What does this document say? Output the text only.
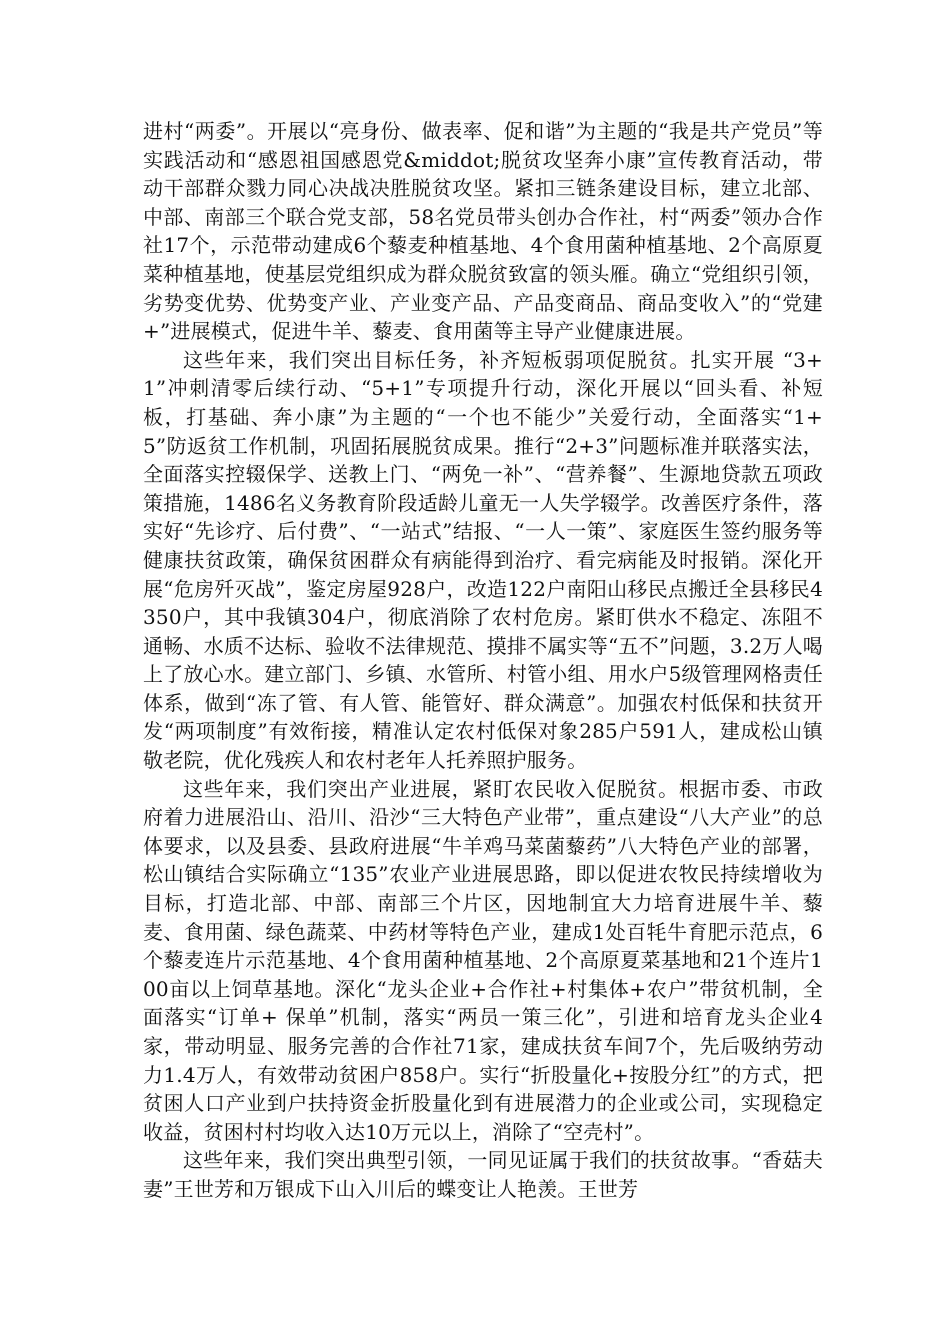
进村“两委”。开展以“亮身份、做表率、促和谐”为主题的“我是共产党员”等实践活动和“感恩祖国感恩党&middot;脱贫攻坚奔小康”宣传教育活动，带动干部群众戮力同心决战决胜脱贫攻坚。紧扣三链条建设目标，建立北部、中部、南部三个联合党支部，58名党员带头创办合作社，村“两委”领办合作社17个，示范带动建成6个藜麦种植基地、4个食用菌种植基地、2个高原夏菜种植基地，使基层党组织成为群众脱贫致富的领头雁。确立“党组织引领，劣势变优势、优势变产业、产业变产品、产品变商品、商品变收入”的“党建+”进展模式，促进牛羊、藜麦、食用菌等主导产业健康进展。

这些年来，我们突出目标任务，补齐短板弱项促脱贫。扎实开展 “3+1”冲刺清零后续行动、“5+1”专项提升行动，深化开展以“回头看、补短板，打基础、奔小康”为主题的“一个也不能少”关爱行动，全面落实“1+5”防返贫工作机制，巩固拓展脱贫成果。推行“2+3”问题标准并联落实法，全面落实控辍保学、送教上门、“两免一补”、“营养餐”、生源地贷款五项政策措施，1486名义务教育阶段适龄儿童无一人失学辍学。改善医疗条件，落实好“先诊疗、后付费”、“一站式”结报、“一人一策”、家庭医生签约服务等健康扶贫政策，确保贫困群众有病能得到治疗、看完病能及时报销。深化开展“危房歼灭战”，鉴定房屋928户，改造122户南阳山移民点搬迁全县移民4350户，其中我镇304户，彻底消除了农村危房。紧盯供水不稳定、冻阻不通畅、水质不达标、验收不法律规范、摸排不属实等“五不”问题，3.2万人喝上了放心水。建立部门、乡镇、水管所、村管小组、用水户5级管理网格责任体系，做到“冻了管、有人管、能管好、群众满意”。加强农村低保和扶贫开发“两项制度”有效衔接，精准认定农村低保对象285户591人，建成松山镇敬老院，优化残疾人和农村老年人托养照护服务。

这些年来，我们突出产业进展，紧盯农民收入促脱贫。根据市委、市政府着力进展沿山、沿川、沿沙“三大特色产业带”，重点建设“八大产业”的总体要求，以及县委、县政府进展“牛羊鸡马菜菌藜药”八大特色产业的部署，松山镇结合实际确立“135”农业产业进展思路，即以促进农牧民持续增收为目标，打造北部、中部、南部三个片区，因地制宜大力培育进展牛羊、藜麦、食用菌、绿色蔬菜、中药材等特色产业，建成1处百牦牛育肥示范点，6个藜麦连片示范基地、4个食用菌种植基地、2个高原夏菜基地和21个连片100亩以上饲草基地。深化“龙头企业+合作社+村集体+农户”带贫机制，全面落实“订单+ 保单”机制，落实“两员一策三化”，引进和培育龙头企业4家，带动明显、服务完善的合作社71家，建成扶贫车间7个，先后吸纳劳动力1.4万人，有效带动贫困户858户。实行“折股量化+按股分红”的方式，把贫困人口产业到户扶持资金折股量化到有进展潜力的企业或公司，实现稳定收益，贫困村村均收入达10万元以上，消除了“空壳村”。

这些年来，我们突出典型引领，一同见证属于我们的扶贫故事。“香菇夫妻”王世芳和万银成下山入川后的蝶变让人艳羡。王世芳
